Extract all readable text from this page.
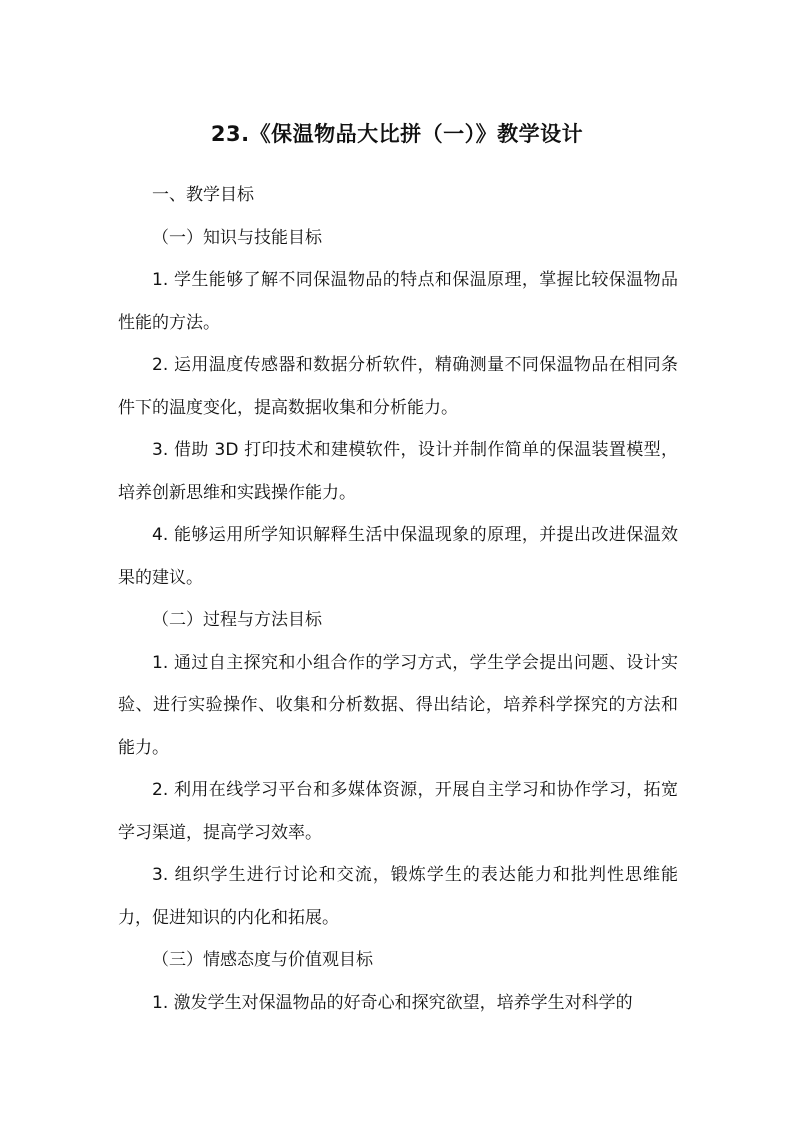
23.《保温物品大比拼（一）》教学设计

一、教学目标

（一）知识与技能目标

1. 学生能够了解不同保温物品的特点和保温原理，掌握比较保温物品性能的方法。

2. 运用温度传感器和数据分析软件，精确测量不同保温物品在相同条件下的温度变化，提高数据收集和分析能力。

3. 借助 3D 打印技术和建模软件，设计并制作简单的保温装置模型，培养创新思维和实践操作能力。

4. 能够运用所学知识解释生活中保温现象的原理，并提出改进保温效果的建议。

（二）过程与方法目标

1. 通过自主探究和小组合作的学习方式，学生学会提出问题、设计实验、进行实验操作、收集和分析数据、得出结论，培养科学探究的方法和能力。

2. 利用在线学习平台和多媒体资源，开展自主学习和协作学习，拓宽学习渠道，提高学习效率。

3. 组织学生进行讨论和交流，锻炼学生的表达能力和批判性思维能力，促进知识的内化和拓展。

（三）情感态度与价值观目标

1. 激发学生对保温物品的好奇心和探究欲望，培养学生对科学的
